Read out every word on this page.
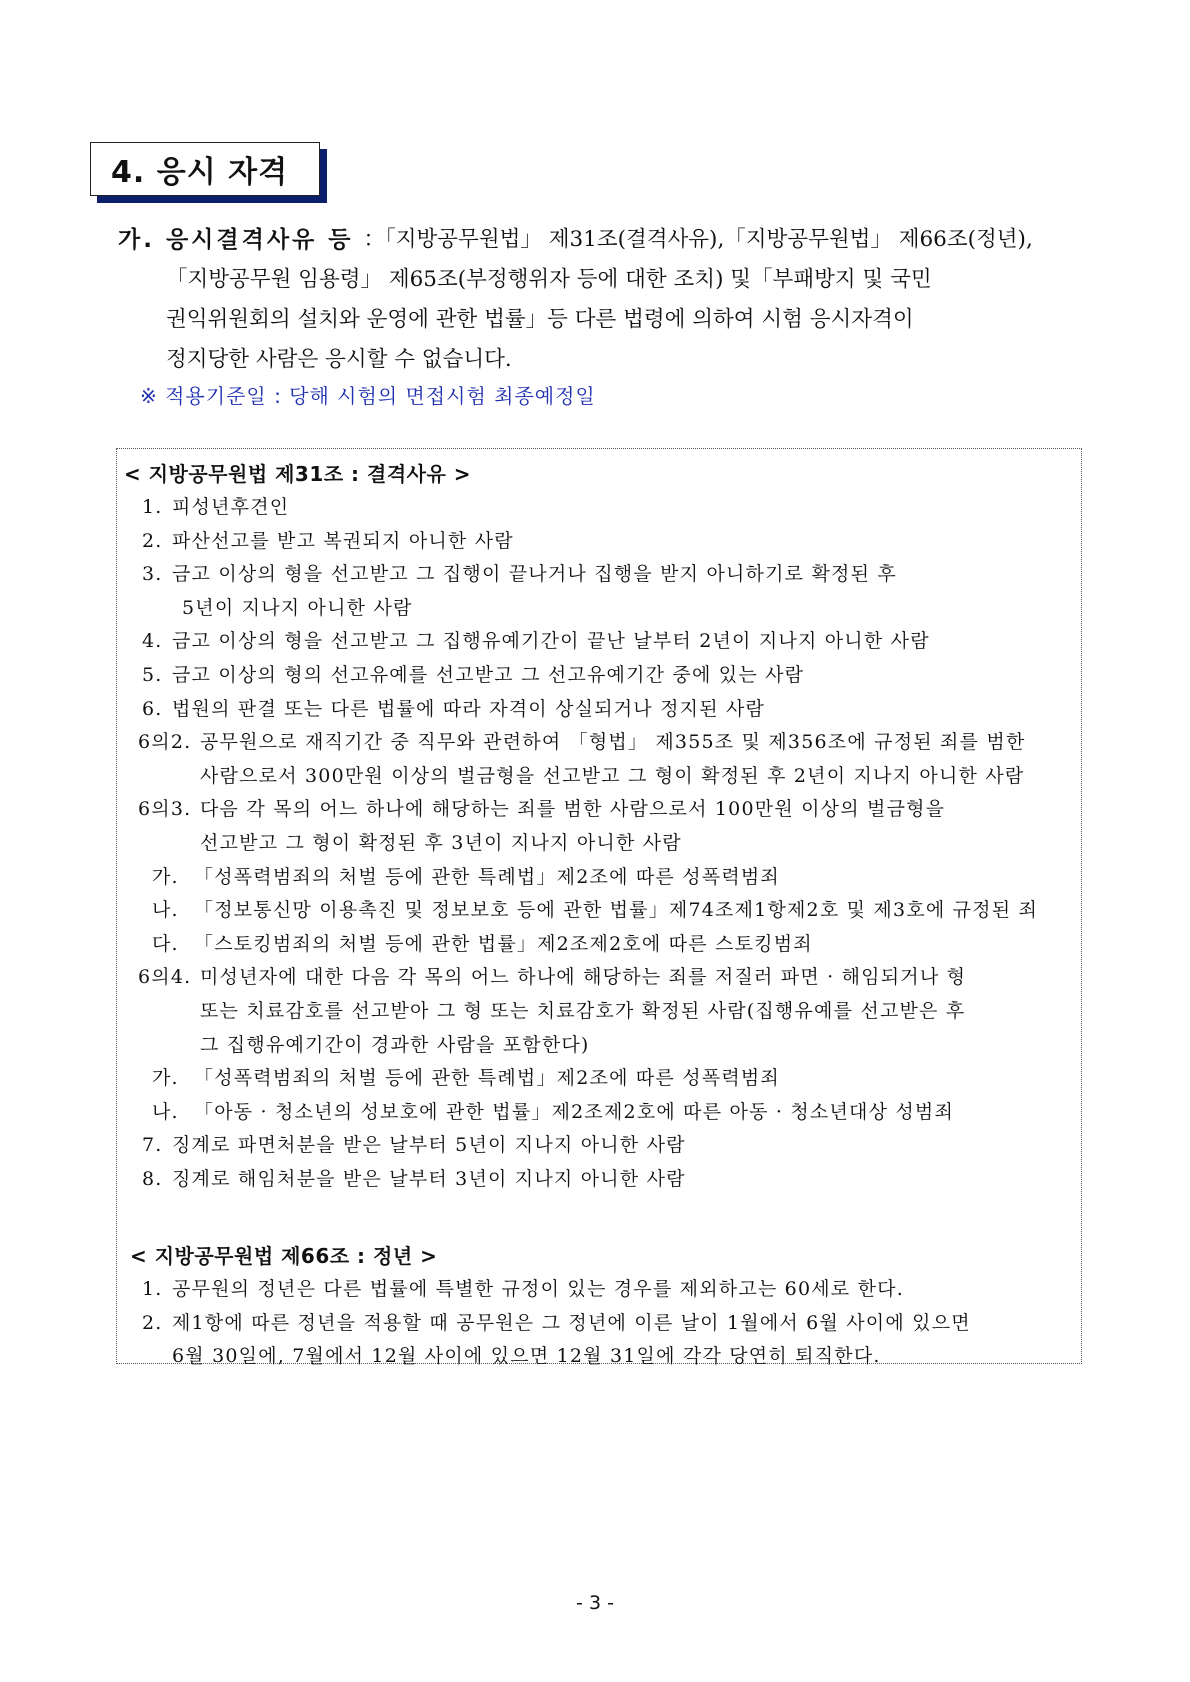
4. 응시 자격
가. 응시결격사유 등 ：「지방공무원법」 제31조(결격사유),「지방공무원법」 제66조(정년),
「지방공무원 임용령」 제65조(부정행위자 등에 대한 조치) 및「부패방지 및 국민
권익위원회의 설치와 운영에 관한 법률」등 다른 법령에 의하여 시험 응시자격이
정지당한 사람은 응시할 수 없습니다.
※ 적용기준일 : 당해 시험의 면접시험 최종예정일
< 지방공무원법 제31조 : 결격사유 >
1. 피성년후견인
2. 파산선고를 받고 복권되지 아니한 사람
3. 금고 이상의 형을 선고받고 그 집행이 끝나거나 집행을 받지 아니하기로 확정된 후
5년이 지나지 아니한 사람
4. 금고 이상의 형을 선고받고 그 집행유예기간이 끝난 날부터 2년이 지나지 아니한 사람
5. 금고 이상의 형의 선고유예를 선고받고 그 선고유예기간 중에 있는 사람
6. 법원의 판결 또는 다른 법률에 따라 자격이 상실되거나 정지된 사람
6의2. 공무원으로 재직기간 중 직무와 관련하여 「형법」 제355조 및 제356조에 규정된 죄를 범한
사람으로서 300만원 이상의 벌금형을 선고받고 그 형이 확정된 후 2년이 지나지 아니한 사람
6의3. 다음 각 목의 어느 하나에 해당하는 죄를 범한 사람으로서 100만원 이상의 벌금형을
선고받고 그 형이 확정된 후 3년이 지나지 아니한 사람
가. 「성폭력범죄의 처벌 등에 관한 특례법」제2조에 따른 성폭력범죄
나. 「정보통신망 이용촉진 및 정보보호 등에 관한 법률」제74조제1항제2호 및 제3호에 규정된 죄
다. 「스토킹범죄의 처벌 등에 관한 법률」제2조제2호에 따른 스토킹범죄
6의4. 미성년자에 대한 다음 각 목의 어느 하나에 해당하는 죄를 저질러 파면 · 해임되거나 형
또는 치료감호를 선고받아 그 형 또는 치료감호가 확정된 사람(집행유예를 선고받은 후
그 집행유예기간이 경과한 사람을 포함한다)
가. 「성폭력범죄의 처벌 등에 관한 특례법」제2조에 따른 성폭력범죄
나. 「아동 · 청소년의 성보호에 관한 법률」제2조제2호에 따른 아동 · 청소년대상 성범죄
7. 징계로 파면처분을 받은 날부터 5년이 지나지 아니한 사람
8. 징계로 해임처분을 받은 날부터 3년이 지나지 아니한 사람
< 지방공무원법 제66조 : 정년 >
1. 공무원의 정년은 다른 법률에 특별한 규정이 있는 경우를 제외하고는 60세로 한다.
2. 제1항에 따른 정년을 적용할 때 공무원은 그 정년에 이른 날이 1월에서 6월 사이에 있으면
6월 30일에, 7월에서 12월 사이에 있으면 12월 31일에 각각 당연히 퇴직한다.
- 3 -
